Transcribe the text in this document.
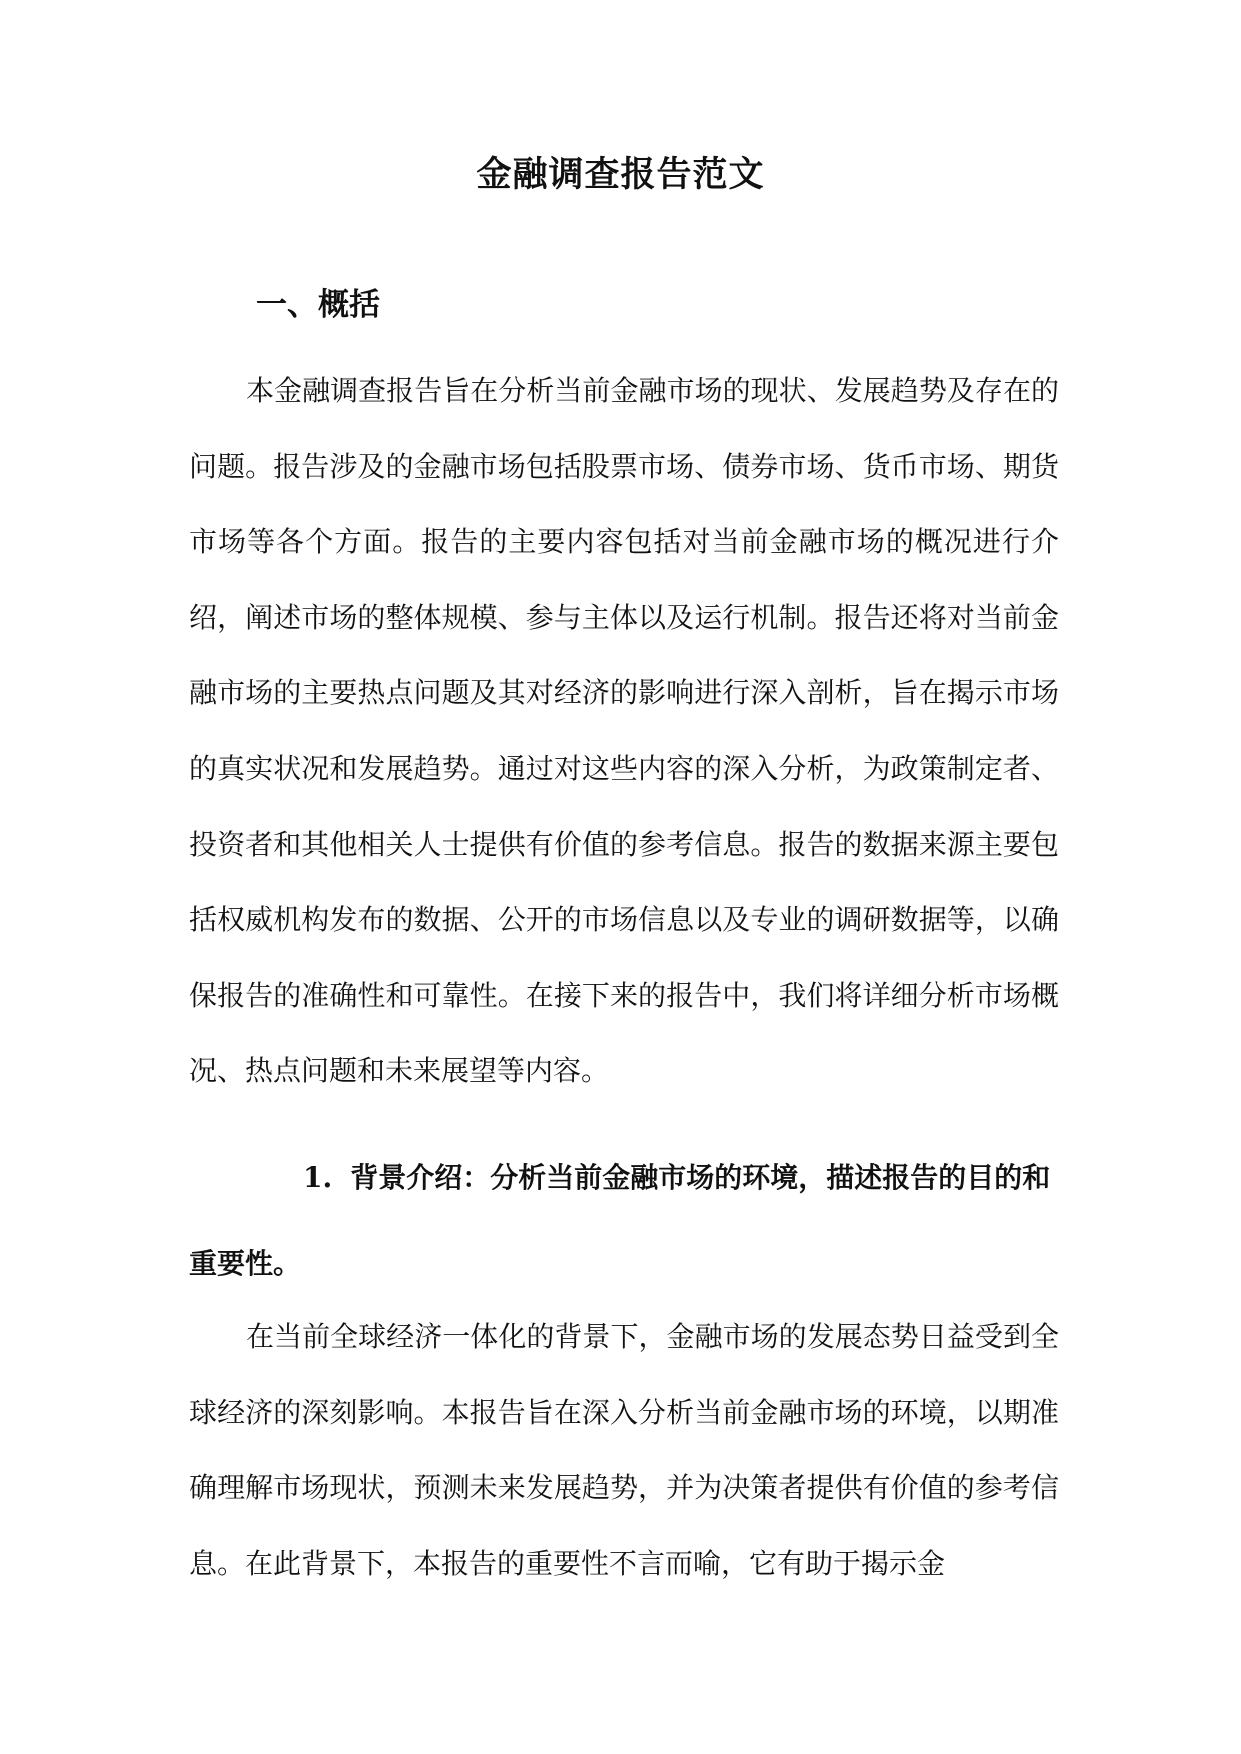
金融调查报告范文
一、概括

本金融调查报告旨在分析当前金融市场的现状、发展趋势及存在的问题。报告涉及的金融市场包括股票市场、债券市场、货币市场、期货市场等各个方面。报告的主要内容包括对当前金融市场的概况进行介绍，阐述市场的整体规模、参与主体以及运行机制。报告还将对当前金融市场的主要热点问题及其对经济的影响进行深入剖析，旨在揭示市场的真实状况和发展趋势。通过对这些内容的深入分析，为政策制定者、投资者和其他相关人士提供有价值的参考信息。报告的数据来源主要包括权威机构发布的数据、公开的市场信息以及专业的调研数据等，以确保报告的准确性和可靠性。在接下来的报告中，我们将详细分析市场概况、热点问题和未来展望等内容。

1. 背景介绍：分析当前金融市场的环境，描述报告的目的和重要性。

在当前全球经济一体化的背景下，金融市场的发展态势日益受到全球经济的深刻影响。本报告旨在深入分析当前金融市场的环境，以期准确理解市场现状，预测未来发展趋势，并为决策者提供有价值的参考信息。在此背景下，本报告的重要性不言而喻，它有助于揭示金
